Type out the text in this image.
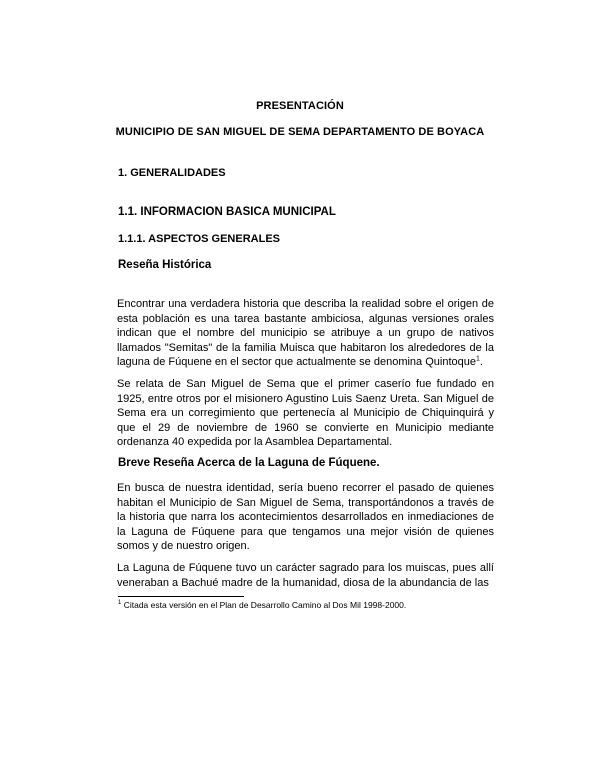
PRESENTACIÓN
MUNICIPIO DE SAN MIGUEL DE SEMA DEPARTAMENTO DE BOYACA
1. GENERALIDADES
1.1. INFORMACION BASICA MUNICIPAL
1.1.1. ASPECTOS GENERALES
Reseña Histórica

Encontrar una verdadera historia que describa la realidad sobre el origen de esta población es una tarea bastante ambiciosa, algunas versiones orales indican que el nombre del municipio se atribuye a un grupo de nativos llamados "Semitas" de la familia Muisca que habitaron los alrededores de la laguna de Fúquene en el sector que actualmente se denomina Quintoque$^1$.

Se relata de San Miguel de Sema que el primer caserío fue fundado en 1925, entre otros por el misionero Agustino Luis Saenz Ureta. San Miguel de Sema era un corregimiento que pertenecía al Municipio de Chiquinquirá y que el 29 de noviembre de 1960 se convierte en Municipio mediante ordenanza 40 expedida por la Asamblea Departamental.

Breve Reseña Acerca de la Laguna de Fúquene.

En busca de nuestra identidad, sería bueno recorrer el pasado de quienes habitan el Municipio de San Miguel de Sema, transportándonos a través de la historia que narra los acontecimientos desarrollados en inmediaciones de la Laguna de Fúquene para que tengamos una mejor visión de quienes somos y de nuestro origen.

La Laguna de Fúquene tuvo un carácter sagrado para los muiscas, pues allí veneraban a Bachué madre de la humanidad, diosa de la abundancia de las

$^1$ Citada esta versión en el Plan de Desarrollo Camino al Dos Mil 1998-2000.
